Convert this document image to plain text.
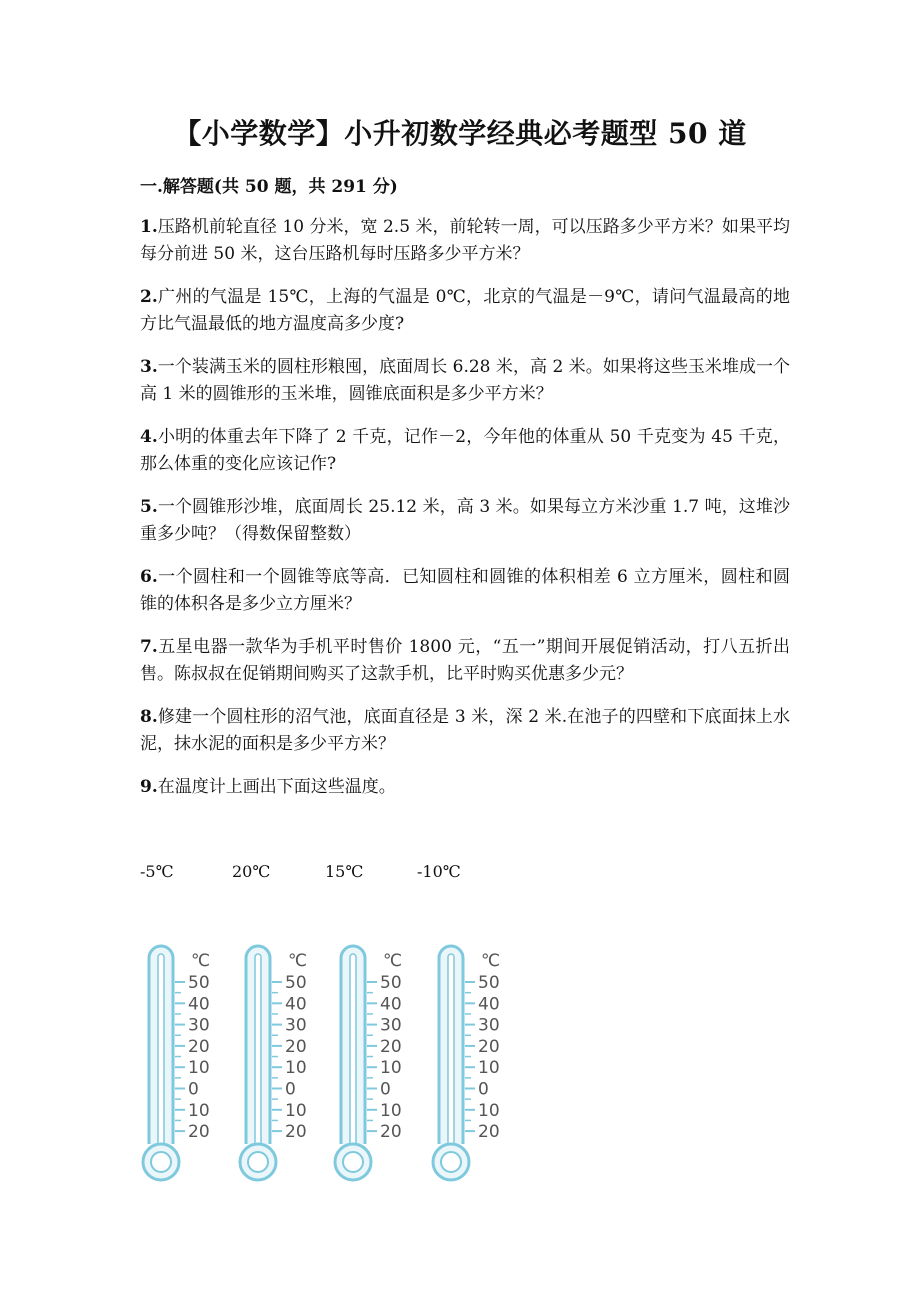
【小学数学】小升初数学经典必考题型 50 道
一.解答题(共 50 题，共 291 分)
1.压路机前轮直径 10 分米，宽 2.5 米，前轮转一周，可以压路多少平方米？如果平均每分前进 50 米，这台压路机每时压路多少平方米？
2.广州的气温是 15℃，上海的气温是 0℃，北京的气温是－9℃，请问气温最高的地方比气温最低的地方温度高多少度?
3.一个装满玉米的圆柱形粮囤，底面周长 6.28 米，高 2 米。如果将这些玉米堆成一个高 1 米的圆锥形的玉米堆，圆锥底面积是多少平方米？
4.小明的体重去年下降了 2 千克，记作－2，今年他的体重从 50 千克变为 45 千克，那么体重的变化应该记作?
5.一个圆锥形沙堆，底面周长 25.12 米，高 3 米。如果每立方米沙重 1.7 吨，这堆沙重多少吨？（得数保留整数）
6.一个圆柱和一个圆锥等底等高．已知圆柱和圆锥的体积相差 6 立方厘米，圆柱和圆锥的体积各是多少立方厘米？
7.五星电器一款华为手机平时售价 1800 元，“五一”期间开展促销活动，打八五折出售。陈叔叔在促销期间购买了这款手机，比平时购买优惠多少元？
8.修建一个圆柱形的沼气池，底面直径是 3 米，深 2 米.在池子的四壁和下底面抹上水泥，抹水泥的面积是多少平方米？
9.在温度计上画出下面这些温度。
-5℃	20℃	15℃	-10℃
℃
50
40
30
20
10
0
10
20
℃
50
40
30
20
10
0
10
20
℃
50
40
30
20
10
0
10
20
℃
50
40
30
20
10
0
10
20
